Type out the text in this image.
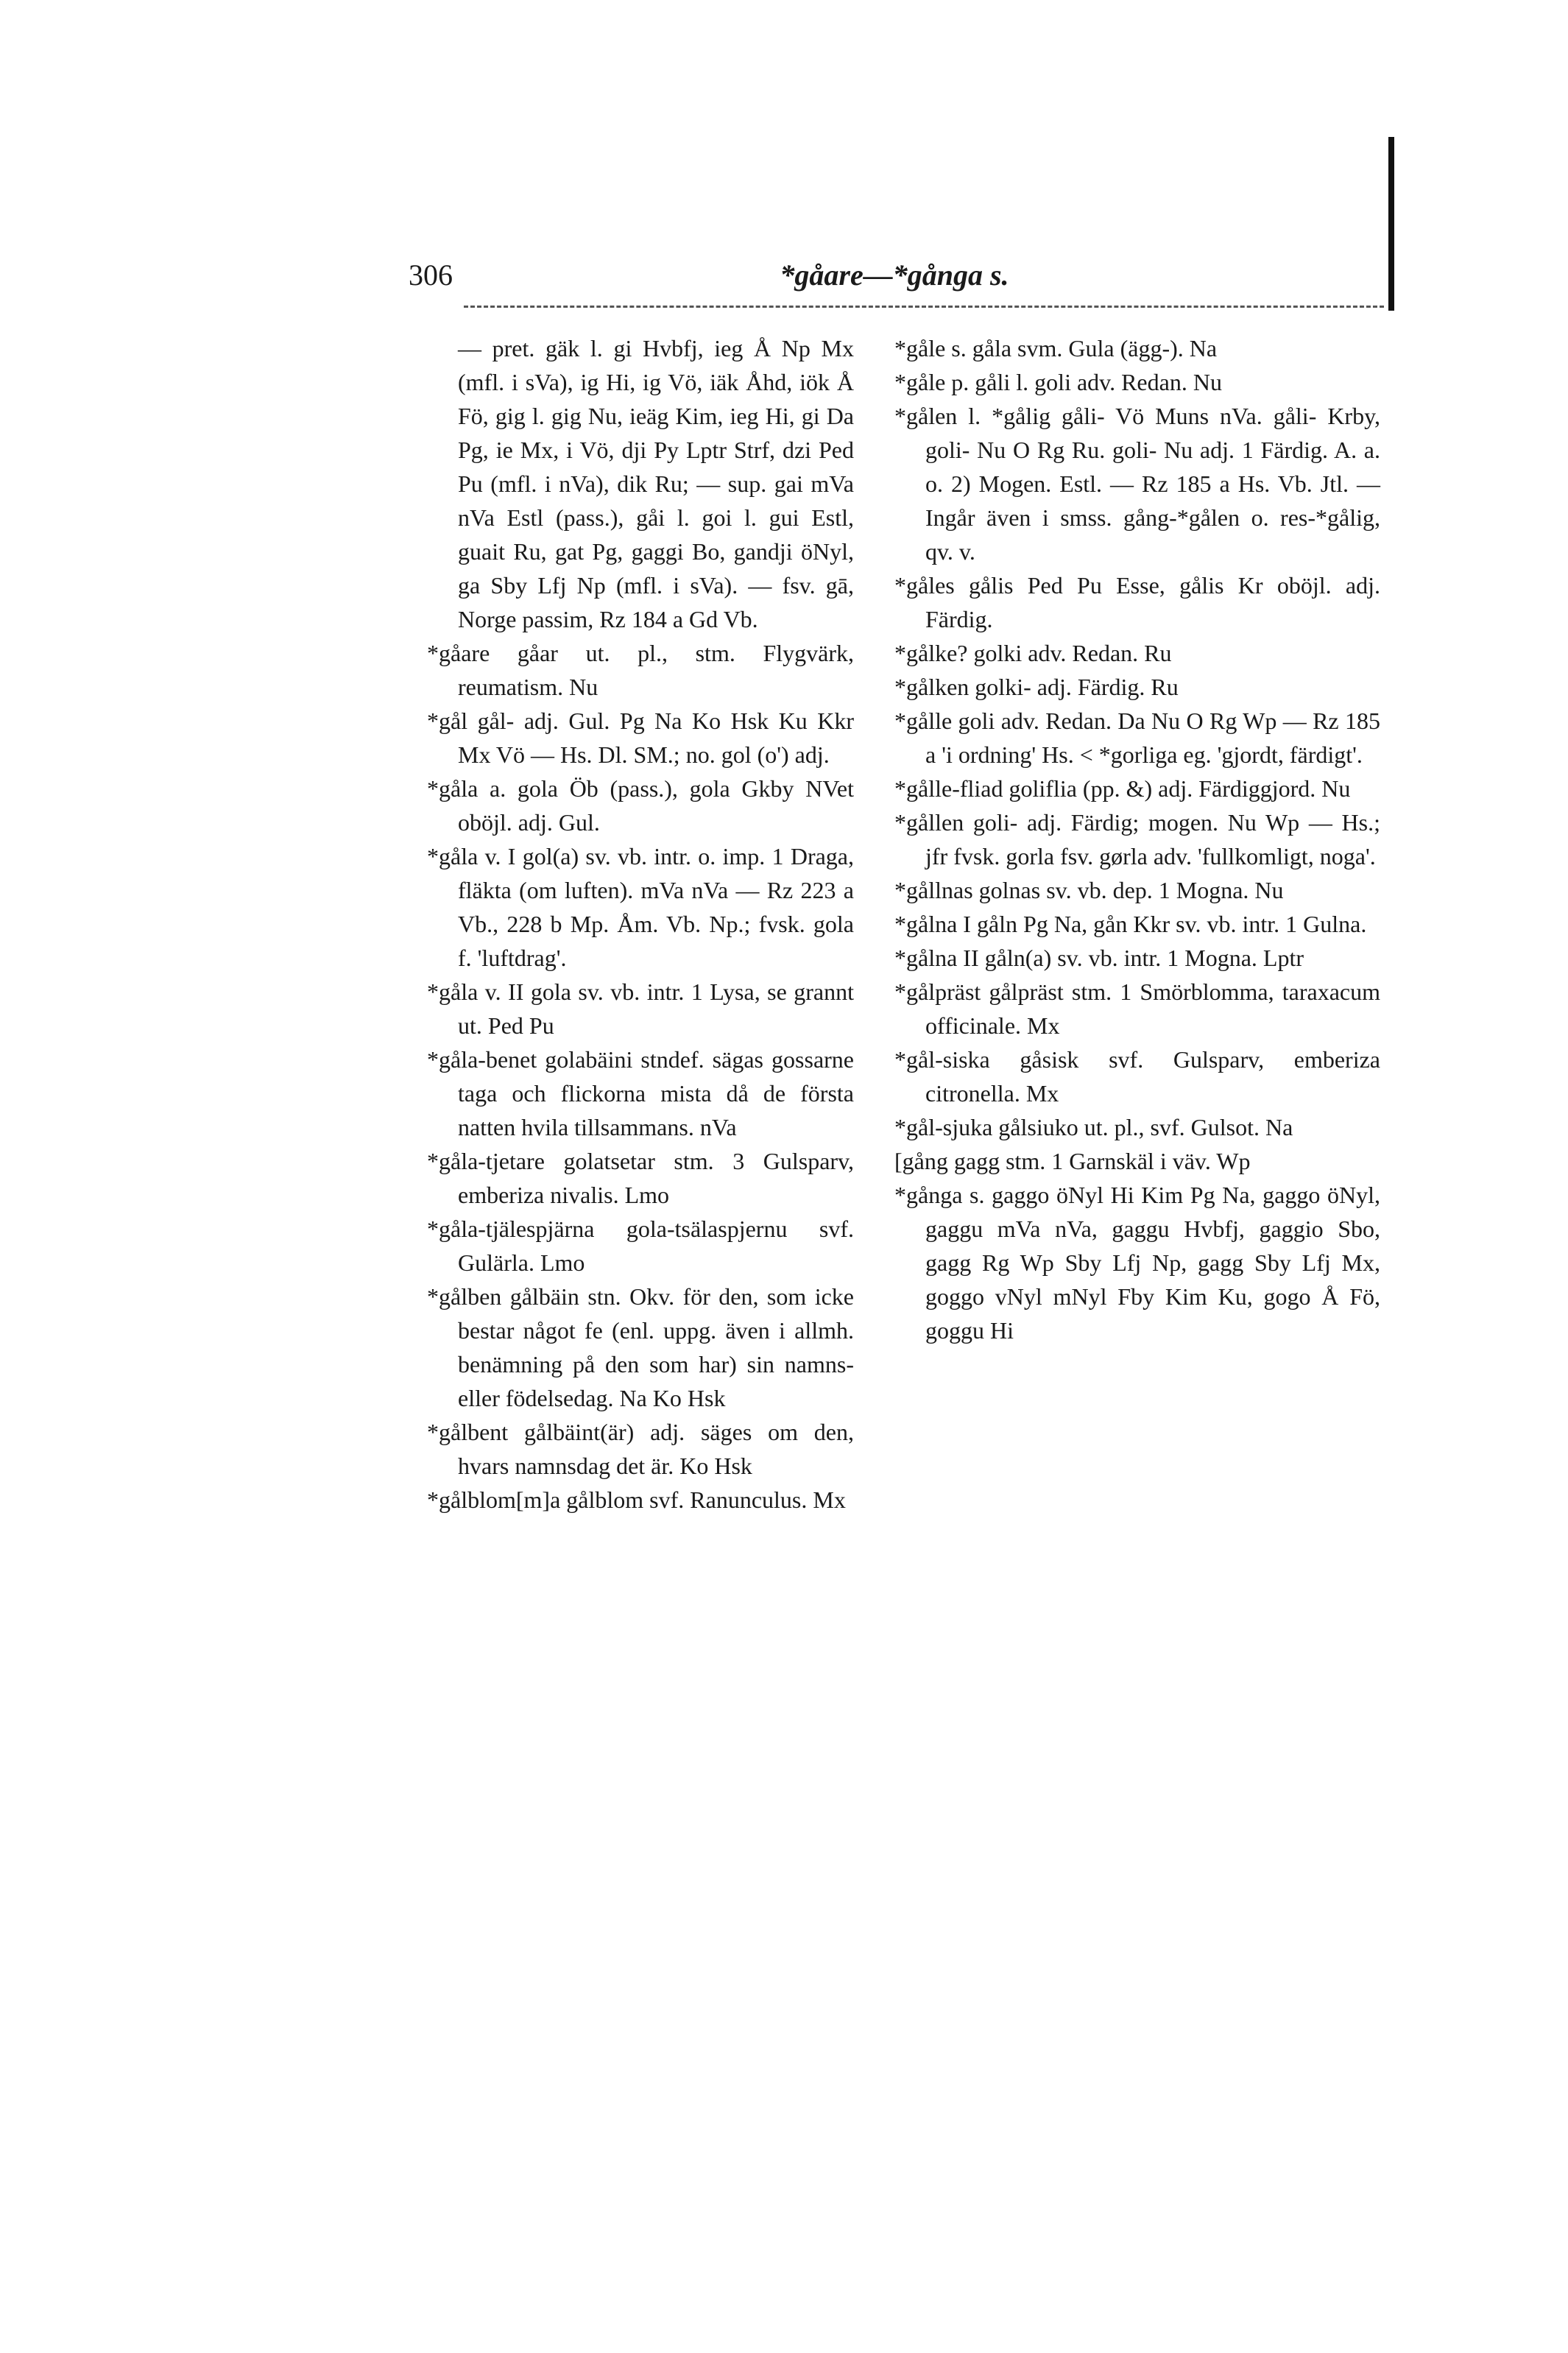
306	*gåare—*gånga s.

— pret. gäk l. gi Hvbfj, ieg Å Np Mx (mfl. i sVa), ig Hi, ig Vö, iäk Åhd, iök Å Fö, gig l. gig Nu, ieäg Kim, ieg Hi, gi Da Pg, ie Mx, i Vö, dji Py Lptr Strf, dzi Ped Pu (mfl. i nVa), dik Ru; — sup. gai mVa nVa Estl (pass.), gåi l. goi l. gui Estl, guait Ru, gat Pg, gaggi Bo, gandji öNyl, ga Sby Lfj Np (mfl. i sVa). — fsv. gā, Norge passim, Rz 184 a Gd Vb.

*gåare gåar ut. pl., stm. Flygvärk, reumatism. Nu

*gål gål- adj. Gul. Pg Na Ko Hsk Ku Kkr Mx Vö — Hs. Dl. SM.; no. gol (o') adj.

*gåla a. gola Öb (pass.), gola Gkby NVet oböjl. adj. Gul.

*gåla v. I gol(a) sv. vb. intr. o. imp. 1 Draga, fläkta (om luften). mVa nVa — Rz 223 a Vb., 228 b Mp. Åm. Vb. Np.; fvsk. gola f. 'luftdrag'.

*gåla v. II gola sv. vb. intr. 1 Lysa, se grannt ut. Ped Pu

*gåla-benet golabäini stndef. sägas gossarne taga och flickorna mista då de första natten hvila tillsammans. nVa

*gåla-tjetare golatsetar stm. 3 Gulsparv, emberiza nivalis. Lmo

*gåla-tjälespjärna gola-tsälaspjernu svf. Gulärla. Lmo

*gålben gålbäin stn. Okv. för den, som icke bestar något fe (enl. uppg. även i allmh. benämning på den som har) sin namns- eller födelsedag. Na Ko Hsk

*gålbent gålbäint(är) adj. säges om den, hvars namnsdag det är. Ko Hsk

*gålblom[m]a gålblom svf. Ranunculus. Mx

*gåle s. gåla svm. Gula (ägg-). Na

*gåle p. gåli l. goli adv. Redan. Nu

*gålen l. *gålig gåli- Vö Muns nVa. gåli- Krby, goli- Nu O Rg Ru. goli- Nu adj. 1 Färdig. A. a. o. 2) Mogen. Estl. — Rz 185 a Hs. Vb. Jtl. — Ingår även i smss. gång-*gålen o. res-*gålig, qv. v.

*gåles gålis Ped Pu Esse, gålis Kr oböjl. adj. Färdig.

*gålke? golki adv. Redan. Ru

*gålken golki- adj. Färdig. Ru

*gålle goli adv. Redan. Da Nu O Rg Wp — Rz 185 a 'i ordning' Hs. < *gorliga eg. 'gjordt, färdigt'.

*gålle-fliad goliflia (pp. &) adj. Färdiggjord. Nu

*gållen goli- adj. Färdig; mogen. Nu Wp — Hs.; jfr fvsk. gorla fsv. gørla adv. 'fullkomligt, noga'.

*gållnas golnas sv. vb. dep. 1 Mogna. Nu

*gålna I gåln Pg Na, gån Kkr sv. vb. intr. 1 Gulna.

*gålna II gåln(a) sv. vb. intr. 1 Mogna. Lptr

*gålpräst gålpräst stm. 1 Smörblomma, taraxacum officinale. Mx

*gål-siska gåsisk svf. Gulsparv, emberiza citronella. Mx

*gål-sjuka gålsiuko ut. pl., svf. Gulsot. Na

[gång gagg stm. 1 Garnskäl i väv. Wp

*gånga s. gaggo öNyl Hi Kim Pg Na, gaggo öNyl, gaggu mVa nVa, gaggu Hvbfj, gaggio Sbo, gagg Rg Wp Sby Lfj Np, gagg Sby Lfj Mx, goggo vNyl mNyl Fby Kim Ku, gogo Å Fö, goggu Hi
